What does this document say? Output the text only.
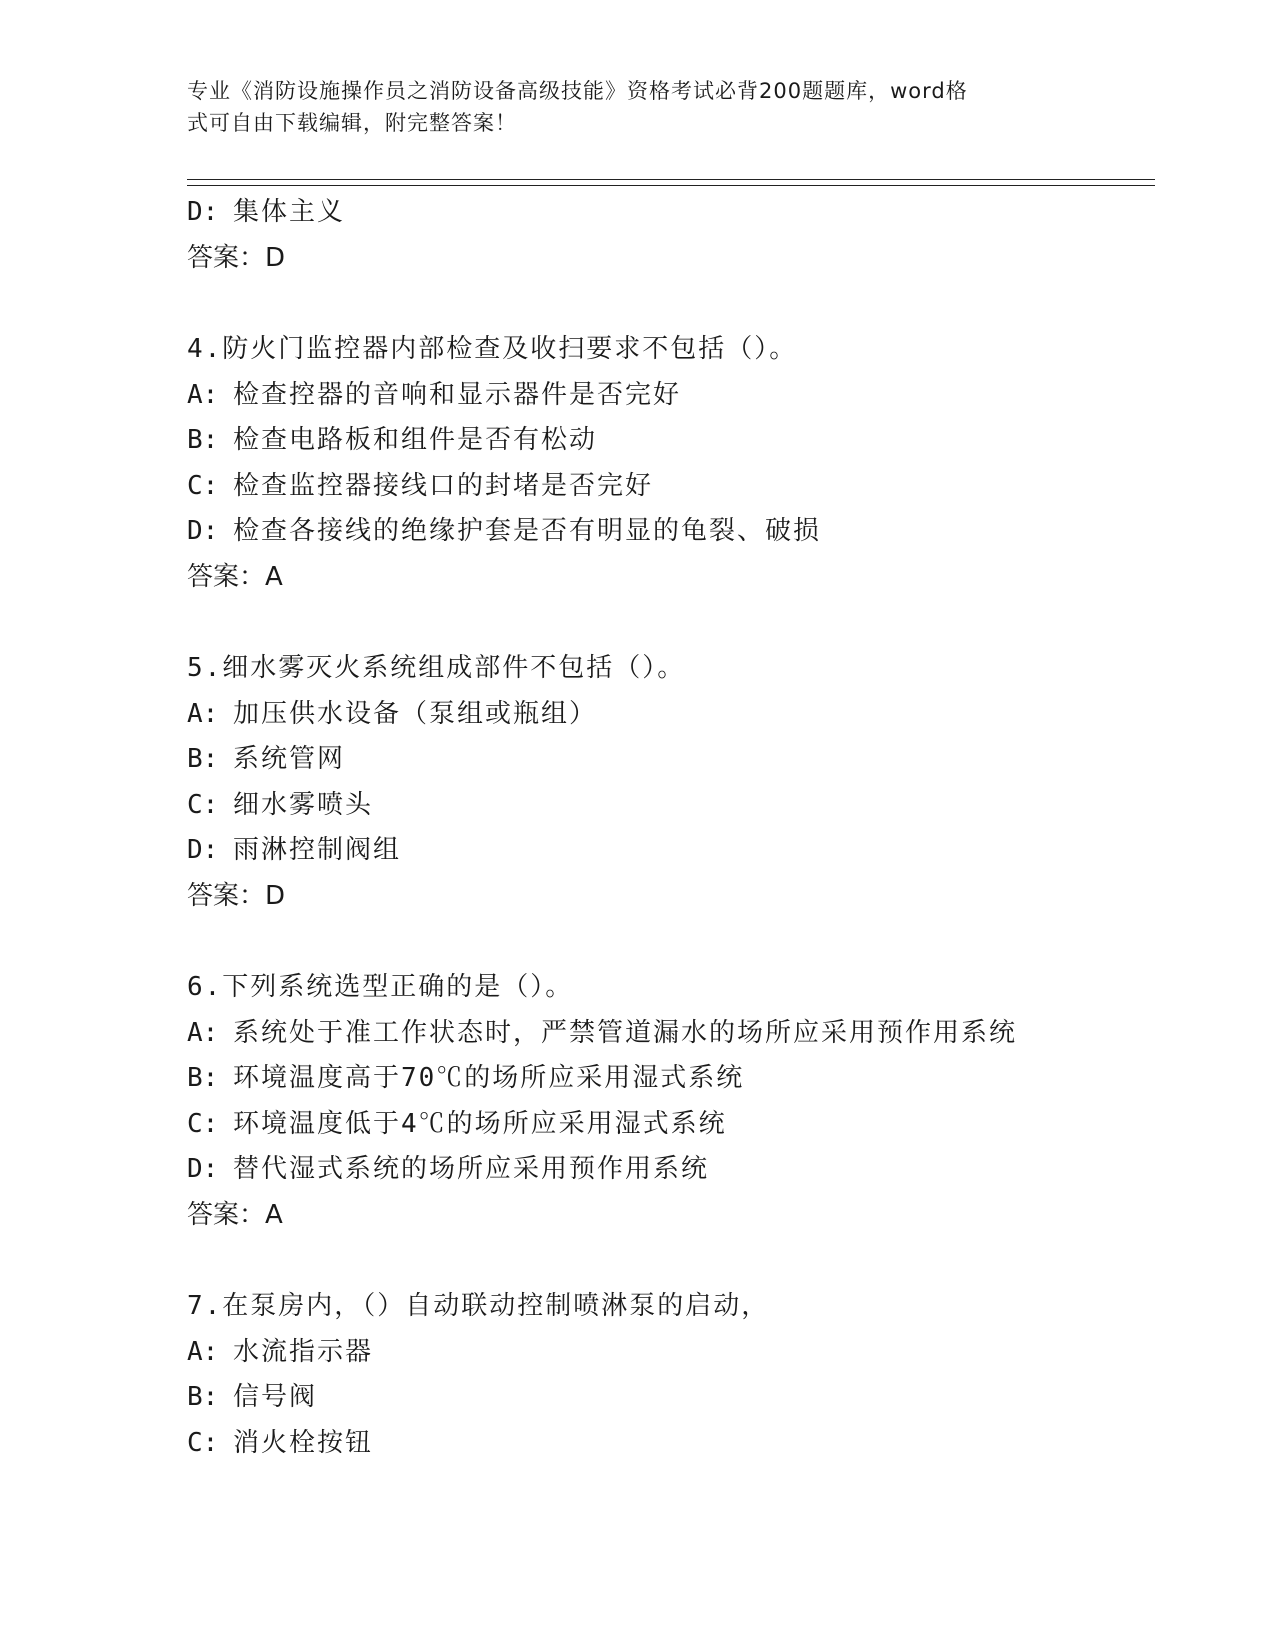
专业《消防设施操作员之消防设备高级技能》资格考试必背200题题库，word格
式可自由下载编辑，附完整答案！
D: 集体主义
答案：D
4.防火门监控器内部检查及收扫要求不包括（）。
A: 检查控器的音响和显示器件是否完好
B: 检查电路板和组件是否有松动
C: 检查监控器接线口的封堵是否完好
D: 检查各接线的绝缘护套是否有明显的龟裂、破损
答案：A
5.细水雾灭火系统组成部件不包括（）。
A: 加压供水设备（泵组或瓶组）
B: 系统管网
C: 细水雾喷头
D: 雨淋控制阀组
答案：D
6.下列系统选型正确的是（）。
A: 系统处于准工作状态时，严禁管道漏水的场所应采用预作用系统
B: 环境温度高于70℃的场所应采用湿式系统
C: 环境温度低于4℃的场所应采用湿式系统
D: 替代湿式系统的场所应采用预作用系统
答案：A
7.在泵房内，（）自动联动控制喷淋泵的启动，
A: 水流指示器
B: 信号阀
C: 消火栓按钮
